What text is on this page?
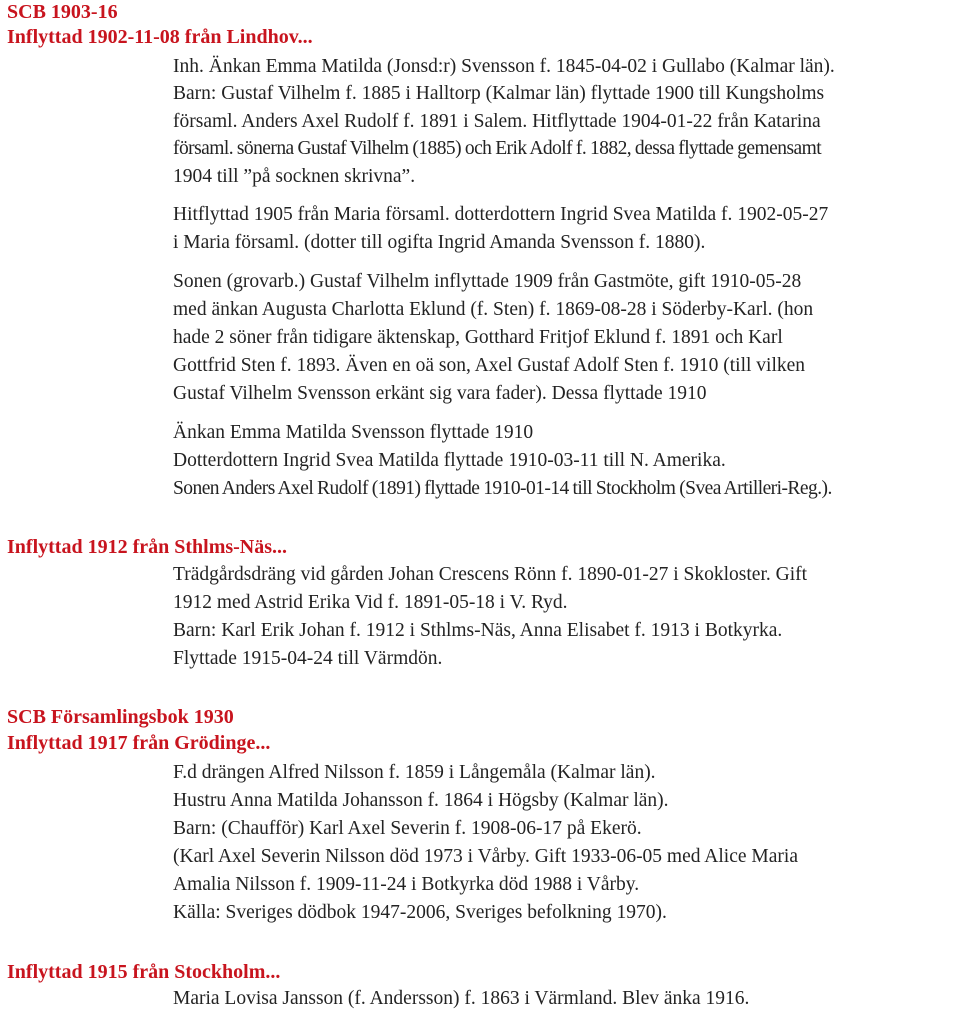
SCB 1903-16
Inflyttad 1902-11-08 från Lindhov...

Inh. Änkan Emma Matilda (Jonsd:r) Svensson f. 1845-04-02 i Gullabo (Kalmar län).

Barn: Gustaf Vilhelm f. 1885 i Halltorp (Kalmar län) flyttade 1900 till Kungsholms

församl. Anders Axel Rudolf f. 1891 i Salem. Hitflyttade 1904-01-22 från Katarina

församl. sönerna Gustaf Vilhelm (1885) och Erik Adolf f. 1882, dessa flyttade gemensamt

1904 till ”på socknen skrivna”.

Hitflyttad 1905 från Maria församl. dotterdottern Ingrid Svea Matilda f. 1902-05-27

i Maria församl. (dotter till ogifta Ingrid Amanda Svensson f. 1880).

Sonen (grovarb.) Gustaf Vilhelm inflyttade 1909 från Gastmöte, gift 1910-05-28

med änkan Augusta Charlotta Eklund (f. Sten) f. 1869-08-28 i Söderby-Karl. (hon

hade 2 söner från tidigare äktenskap, Gotthard Fritjof Eklund f. 1891 och Karl

Gottfrid Sten f. 1893. Även en oä son, Axel Gustaf Adolf Sten f. 1910 (till vilken

Gustaf Vilhelm Svensson erkänt sig vara fader). Dessa flyttade 1910

Änkan Emma Matilda Svensson flyttade 1910

Dotterdottern Ingrid Svea Matilda flyttade 1910-03-11 till N. Amerika.

Sonen Anders Axel Rudolf (1891) flyttade 1910-01-14 till Stockholm (Svea Artilleri-Reg.).

Inflyttad 1912 från Sthlms-Näs...

Trädgårdsdräng vid gården Johan Crescens Rönn f. 1890-01-27 i Skokloster. Gift

1912 med Astrid Erika Vid f. 1891-05-18 i V. Ryd.

Barn: Karl Erik Johan f. 1912 i Sthlms-Näs, Anna Elisabet f. 1913 i Botkyrka.

Flyttade 1915-04-24 till Värmdön.

SCB Församlingsbok 1930
Inflyttad 1917 från Grödinge...

F.d drängen Alfred Nilsson f. 1859 i Långemåla (Kalmar län).

Hustru Anna Matilda Johansson f. 1864 i Högsby (Kalmar län).

Barn: (Chaufför) Karl Axel Severin f. 1908-06-17 på Ekerö.

(Karl Axel Severin Nilsson död 1973 i Vårby. Gift 1933-06-05 med Alice Maria

Amalia Nilsson f. 1909-11-24 i Botkyrka död 1988 i Vårby.

Källa: Sveriges dödbok 1947-2006, Sveriges befolkning 1970).

Inflyttad 1915 från Stockholm...

Maria Lovisa Jansson (f. Andersson) f. 1863 i Värmland. Blev änka 1916.
